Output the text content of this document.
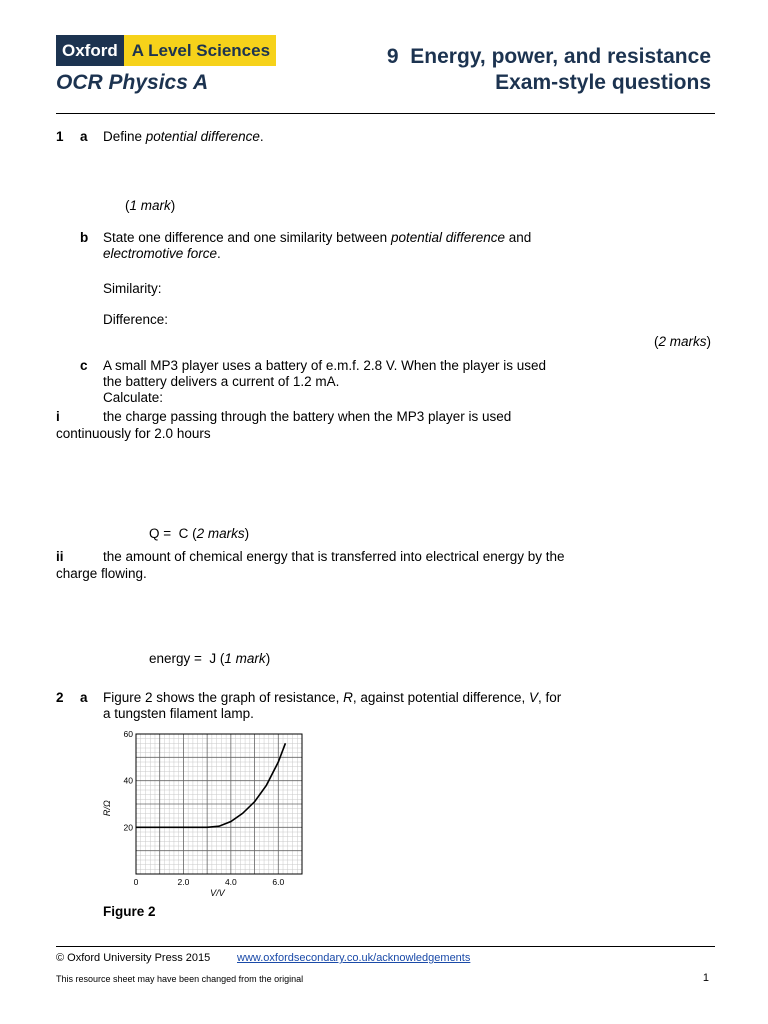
Oxford A Level Sciences
OCR Physics A
9  Energy, power, and resistance
Exam-style questions
1 a Define potential difference.
(1 mark)
b State one difference and one similarity between potential difference and
electromotive force.
Similarity:
Difference:
(2 marks)
c A small MP3 player uses a battery of e.m.f. 2.8 V. When the player is used
the battery delivers a current of 1.2 mA.
Calculate:
i	the charge passing through the battery when the MP3 player is used
continuously for 2.0 hours
Q =  C (2 marks)
ii	the amount of chemical energy that is transferred into electrical energy by the
charge flowing.
energy =  J (1 mark)
2 a Figure 2 shows the graph of resistance, R, against potential difference, V, for
a tungsten filament lamp.
0	2.0	4.0	6.0
20
40
60
V/V
R/Ω
Figure 2
© Oxford University Press 2015 www.oxfordsecondary.co.uk/acknowledgements
This resource sheet may have been changed from the original	1
